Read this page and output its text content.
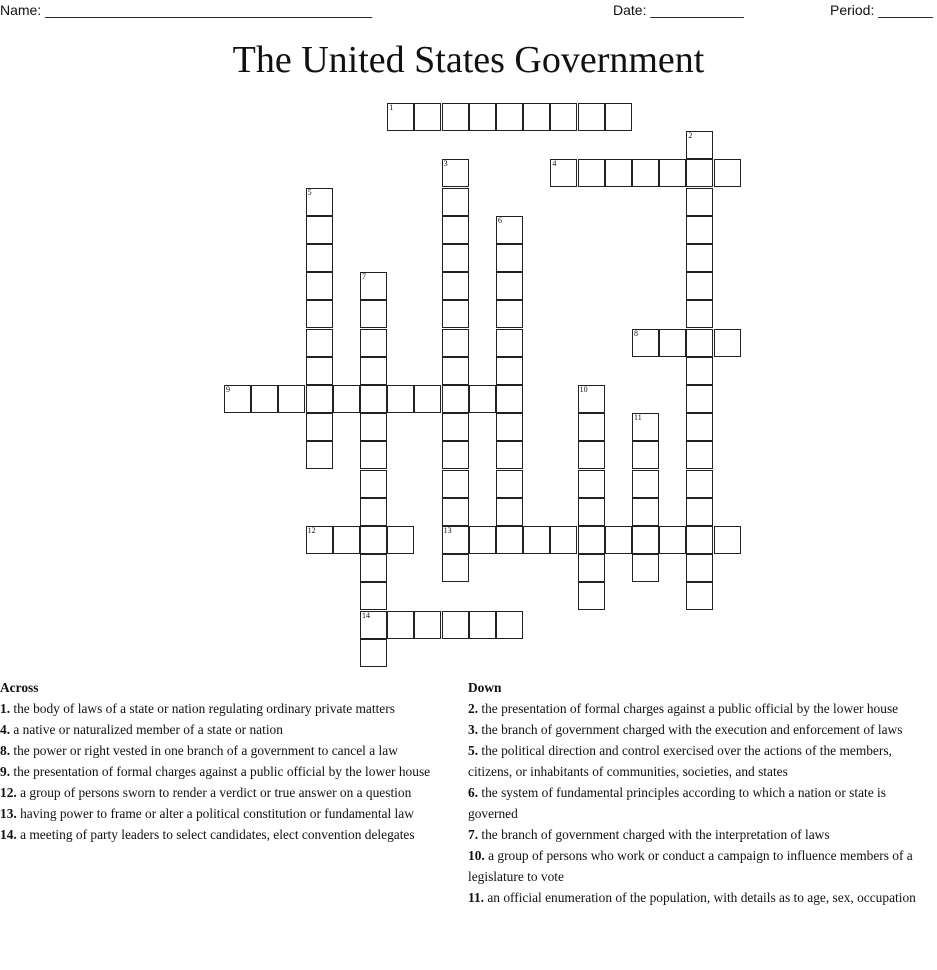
Name: __________________________________________	Date: ____________	Period: _______
The United States Government
1
2
3
13
4
5
6
7
14
8
9	10
11
12
Across
1. the body of laws of a state or nation regulating ordinary private matters
4. a native or naturalized member of a state or nation
8. the power or right vested in one branch of a government to cancel a law
9. the presentation of formal charges against a public official by the lower house
12. a group of persons sworn to render a verdict or true answer on a question
13. having power to frame or alter a political constitution or fundamental law
14. a meeting of party leaders to select candidates, elect convention delegates
Down
2. the presentation of formal charges against a public official by the lower house
3. the branch of government charged with the execution and enforcement of laws
5. the political direction and control exercised over the actions of the members, citizens, or inhabitants of communities, societies, and states
6. the system of fundamental principles according to which a nation or state is governed
7. the branch of government charged with the interpretation of laws
10. a group of persons who work or conduct a campaign to influence members of a legislature to vote
11. an official enumeration of the population, with details as to age, sex, occupation
